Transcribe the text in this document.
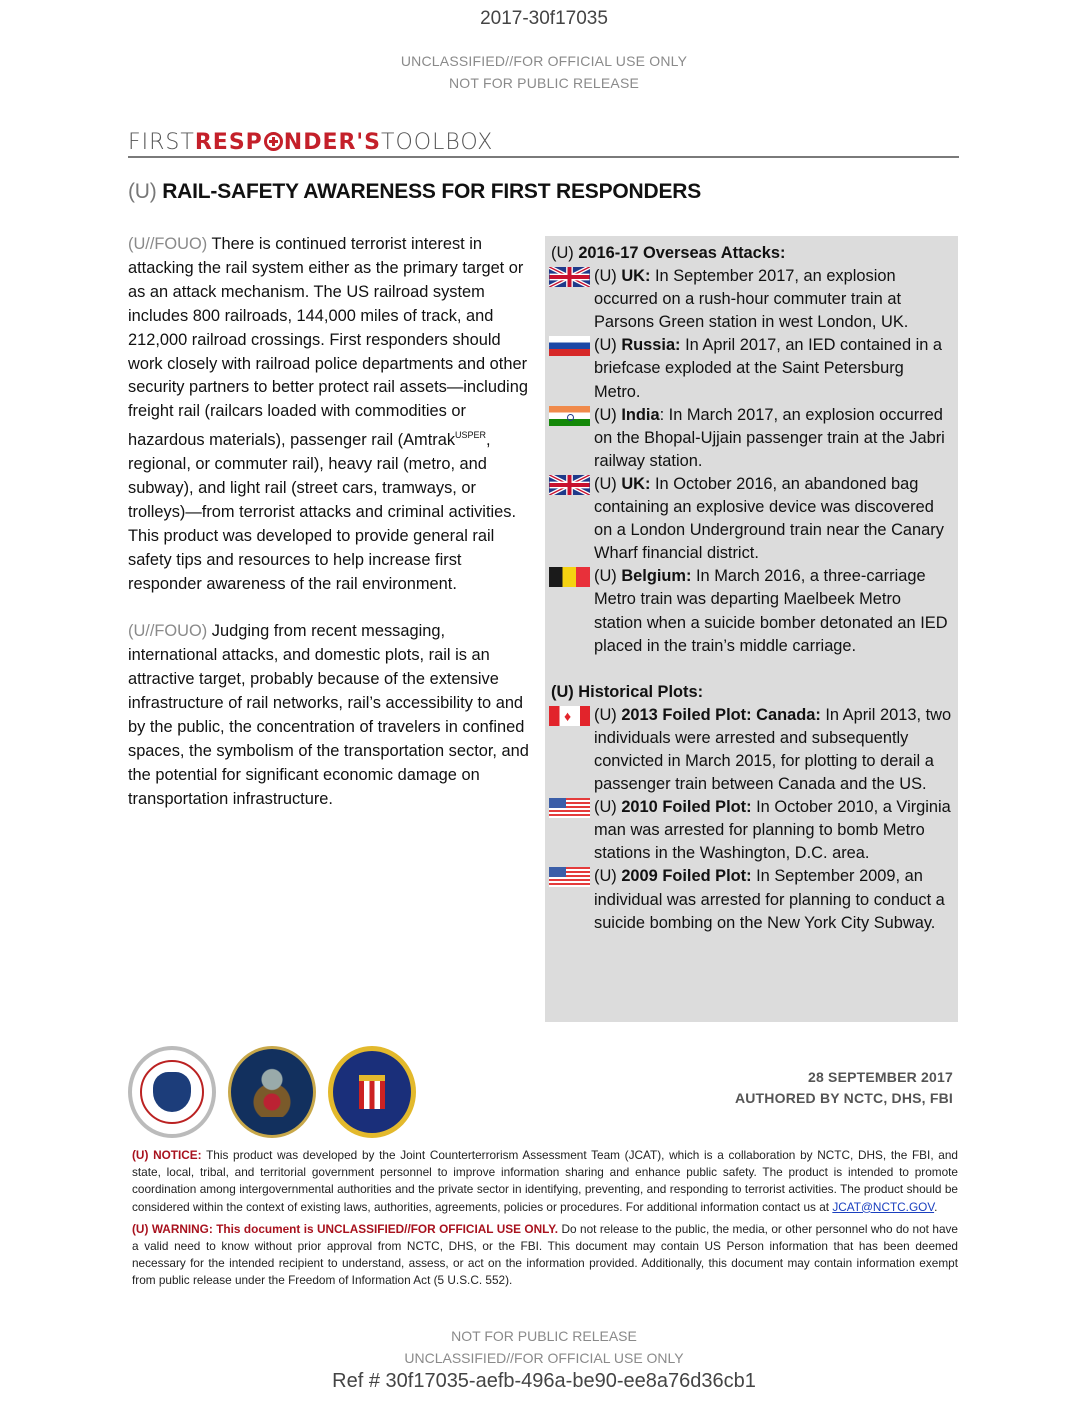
2017-30f17035
UNCLASSIFIED//FOR OFFICIAL USE ONLY
NOT FOR PUBLIC RELEASE
FIRSTRESP NDER'STOOLBOX
(U) RAIL-SAFETY AWARENESS FOR FIRST RESPONDERS

(U//FOUO) There is continued terrorist interest in attacking the rail system either as the primary target or as an attack mechanism. The US railroad system includes 800 railroads, 144,000 miles of track, and 212,000 railroad crossings. First responders should work closely with railroad police departments and other security partners to better protect rail assets—including freight rail (railcars loaded with commodities or hazardous materials), passenger rail (Amtrak$^{USPER}$, regional, or commuter rail), heavy rail (metro, and subway), and light rail (street cars, tramways, or trolleys)—from terrorist attacks and criminal activities. This product was developed to provide general rail safety tips and resources to help increase first responder awareness of the rail environment.

(U//FOUO) Judging from recent messaging, international attacks, and domestic plots, rail is an attractive target, probably because of the extensive infrastructure of rail networks, rail’s accessibility to and by the public, the concentration of travelers in confined spaces, the symbolism of the transportation sector, and the potential for significant economic damage on transportation infrastructure.

(U) 2016-17 Overseas Attacks:
(U) UK: In September 2017, an explosion occurred on a rush-hour commuter train at Parsons Green station in west London, UK.
(U) Russia: In April 2017, an IED contained in a briefcase exploded at the Saint Petersburg Metro.
(U) India: In March 2017, an explosion occurred on the Bhopal-Ujjain passenger train at the Jabri railway station.
(U) UK: In October 2016, an abandoned bag containing an explosive device was discovered on a London Underground train near the Canary Wharf financial district.
(U) Belgium: In March 2016, a three-carriage Metro train was departing Maelbeek Metro station when a suicide bomber detonated an IED placed in the train’s middle carriage.
(U) Historical Plots:
♦
(U) 2013 Foiled Plot: Canada: In April 2013, two individuals were arrested and subsequently convicted in March 2015, for plotting to derail a passenger train between Canada and the US.
(U) 2010 Foiled Plot: In October 2010, a Virginia man was arrested for planning to bomb Metro stations in the Washington, D.C. area.
(U) 2009 Foiled Plot: In September 2009, an individual was arrested for planning to conduct a suicide bombing on the New York City Subway.
28 SEPTEMBER 2017
AUTHORED BY NCTC, DHS, FBI

(U) NOTICE: This product was developed by the Joint Counterterrorism Assessment Team (JCAT), which is a collaboration by NCTC, DHS, the FBI, and state, local, tribal, and territorial government personnel to improve information sharing and enhance public safety. The product is intended to promote coordination among intergovernmental authorities and the private sector in identifying, preventing, and responding to terrorist activities. The product should be considered within the context of existing laws, authorities, agreements, policies or procedures. For additional information contact us at JCAT@NCTC.GOV.

(U) WARNING: This document is UNCLASSIFIED//FOR OFFICIAL USE ONLY. Do not release to the public, the media, or other personnel who do not have a valid need to know without prior approval from NCTC, DHS, or the FBI. This document may contain US Person information that has been deemed necessary for the intended recipient to understand, assess, or act on the information provided. Additionally, this document may contain information exempt from public release under the Freedom of Information Act (5 U.S.C. 552).

NOT FOR PUBLIC RELEASE
UNCLASSIFIED//FOR OFFICIAL USE ONLY
Ref # 30f17035-aefb-496a-be90-ee8a76d36cb1
